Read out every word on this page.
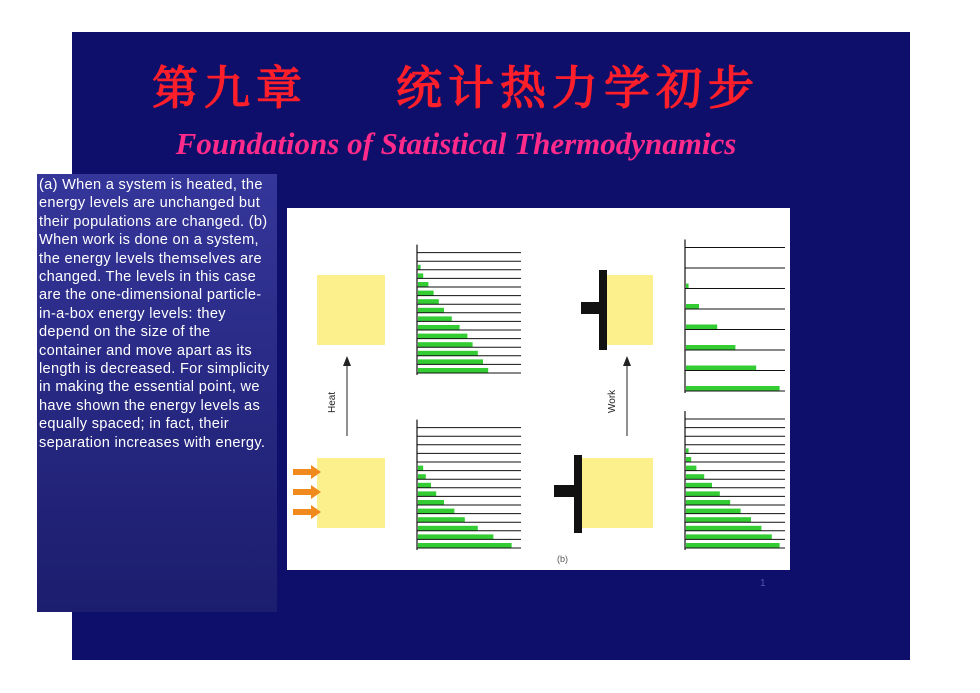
第九章    统计热力学初步
Foundations of Statistical Thermodynamics
(a) When a system is heated, the energy levels are unchanged but their populations are changed. (b) When work is done on a system, the energy levels themselves are changed. The levels in this case are the one-dimensional particle-in-a-box energy levels: they depend on the size of the container and move apart as its length is decreased. For simplicity in making the essential point, we have shown the energy levels as equally spaced; in fact, their separation increases with energy.
Heat	Work
(b)
1
